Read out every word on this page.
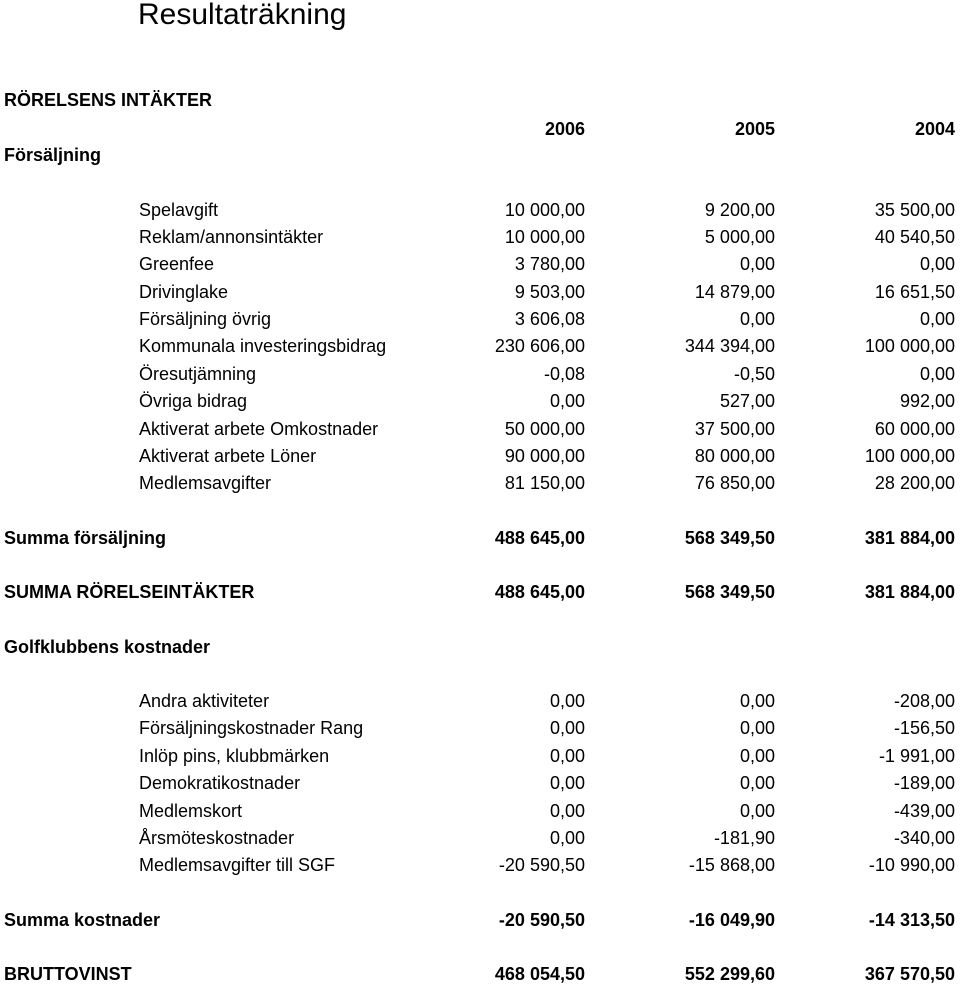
Resultaträkning
RÖRELSENS INTÄKTER
2006	2005	2004
Försäljning
Spelavgift	10 000,00	9 200,00	35 500,00
Reklam/annonsintäkter	10 000,00	5 000,00	40 540,50
Greenfee	3 780,00	0,00	0,00
Drivinglake	9 503,00	14 879,00	16 651,50
Försäljning övrig	3 606,08	0,00	0,00
Kommunala investeringsbidrag	230 606,00	344 394,00	100 000,00
Öresutjämning	-0,08	-0,50	0,00
Övriga bidrag	0,00	527,00	992,00
Aktiverat arbete Omkostnader	50 000,00	37 500,00	60 000,00
Aktiverat arbete Löner	90 000,00	80 000,00	100 000,00
Medlemsavgifter	81 150,00	76 850,00	28 200,00
Summa försäljning	488 645,00	568 349,50	381 884,00
SUMMA RÖRELSEINTÄKTER	488 645,00	568 349,50	381 884,00
Golfklubbens kostnader
Andra aktiviteter	0,00	0,00	-208,00
Försäljningskostnader Rang	0,00	0,00	-156,50
Inlöp pins, klubbmärken	0,00	0,00	-1 991,00
Demokratikostnader	0,00	0,00	-189,00
Medlemskort	0,00	0,00	-439,00
Årsmöteskostnader	0,00	-181,90	-340,00
Medlemsavgifter till SGF	-20 590,50	-15 868,00	-10 990,00
Summa kostnader	-20 590,50	-16 049,90	-14 313,50
BRUTTOVINST	468 054,50	552 299,60	367 570,50
